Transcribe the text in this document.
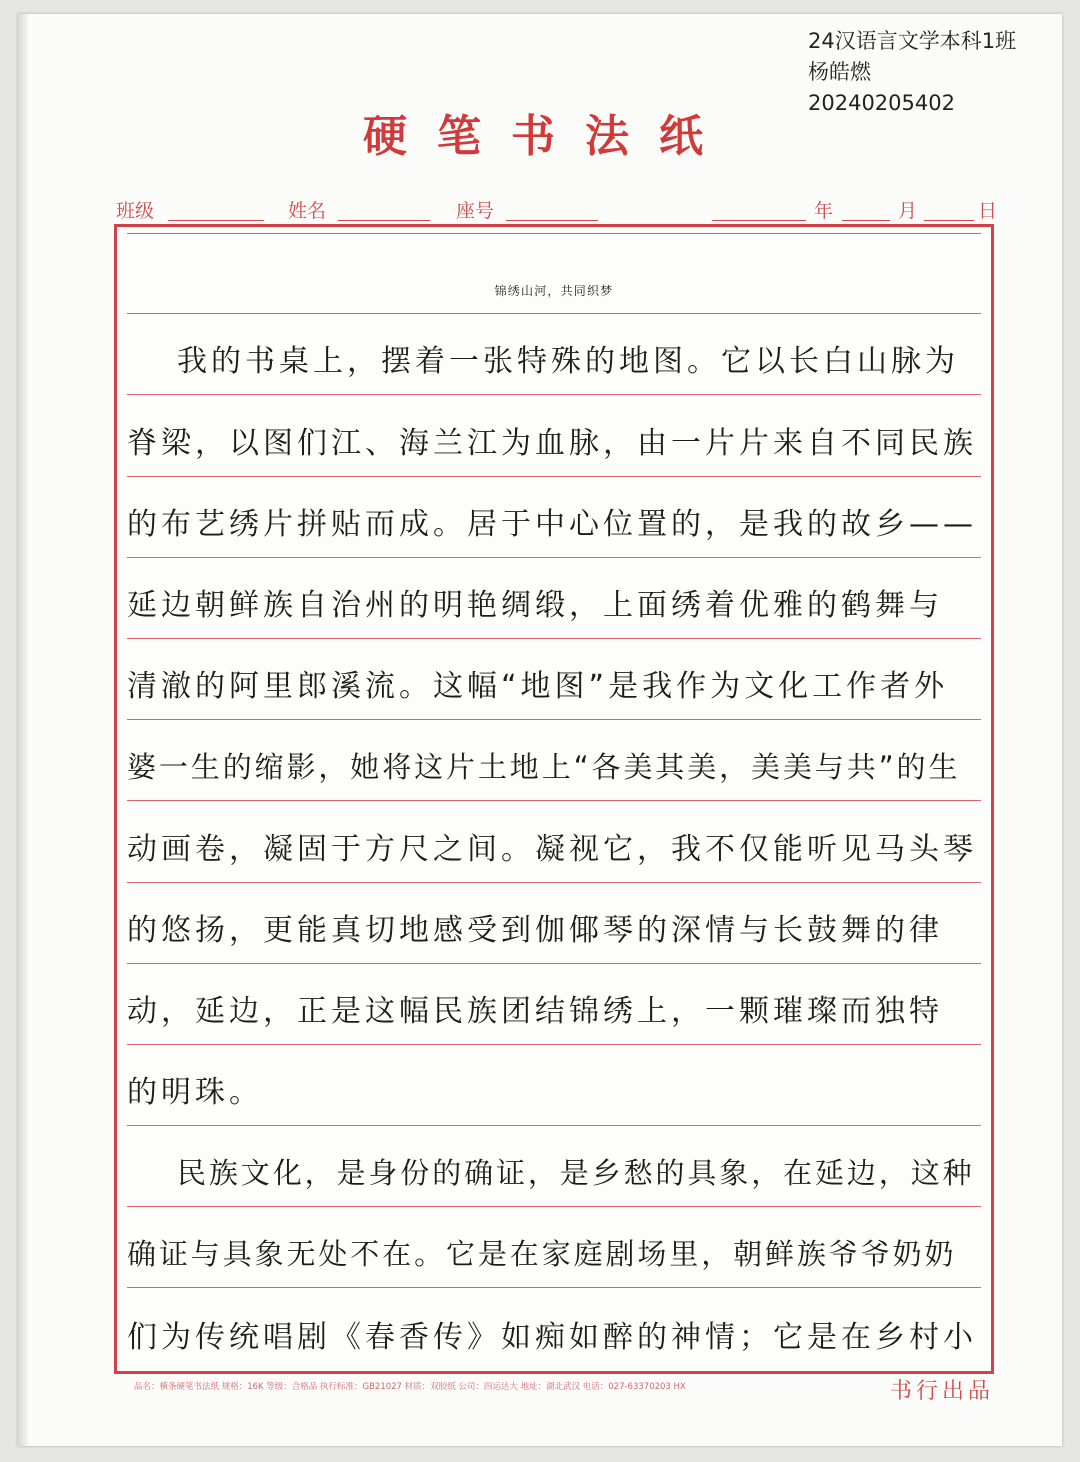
24汉语言文学本科1班
杨皓燃
20240205402
硬笔书法纸
班级	姓名	座号	年	月	日
锦绣山河，共同织梦
我的书桌上，摆着一张特殊的地图。它以长白山脉为
脊梁，以图们江、海兰江为血脉，由一片片来自不同民族
的布艺绣片拼贴而成。居于中心位置的，是我的故乡——
延边朝鲜族自治州的明艳绸缎，上面绣着优雅的鹤舞与
清澈的阿里郎溪流。这幅“地图”是我作为文化工作者外
婆一生的缩影，她将这片土地上“各美其美，美美与共”的生
动画卷，凝固于方尺之间。凝视它，我不仅能听见马头琴
的悠扬，更能真切地感受到伽倻琴的深情与长鼓舞的律
动，延边，正是这幅民族团结锦绣上，一颗璀璨而独特
的明珠。
民族文化，是身份的确证，是乡愁的具象，在延边，这种
确证与具象无处不在。它是在家庭剧场里，朝鲜族爷爷奶奶
们为传统唱剧《春香传》如痴如醉的神情；它是在乡村小
品名：横条硬笔书法纸 规格：16K 等级：合格品 执行标准：GB21027 材质：双胶纸 公司：四运达大 地址：湖北武汉 电话：027-63370203 HX	书行出品
